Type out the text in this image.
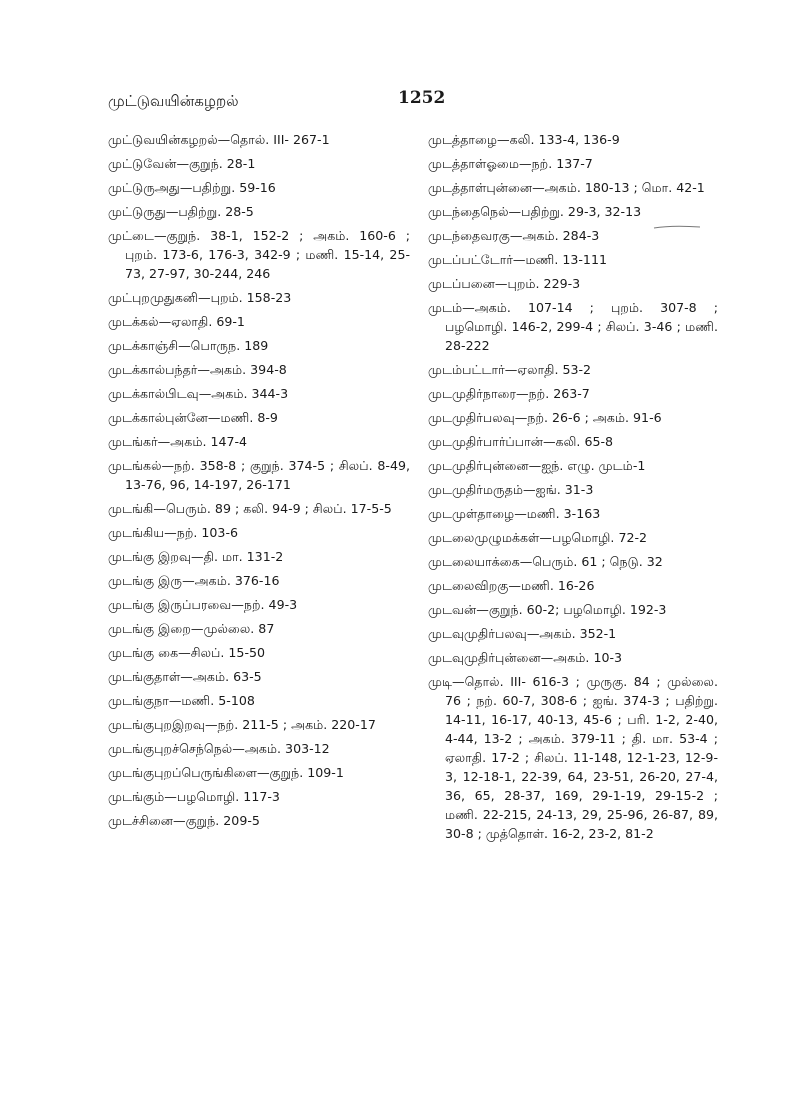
முட்டுவயின்கழறல்	1252
முட்டுவயின்கழறல்—தொல். III- 267-1
முட்டுவேன்—குறுந். 28-1
முட்டுருஅது—பதிற்று. 59-16
முட்டுருது—பதிற்று. 28-5
முட்டை—குறுந். 38-1, 152-2 ; அகம். 160-6 ; புறம். 173-6, 176-3, 342-9 ; மணி. 15-14, 25-73, 27-97, 30-244, 246
முட்புறமுதுகனி—புறம். 158-23
முடக்கல்—ஏலாதி. 69-1
முடக்காஞ்சி—பொருந. 189
முடக்கால்பந்தர்—அகம். 394-8
முடக்கால்பிடவு—அகம். 344-3
முடக்கால்புன்னே—மணி. 8-9
முடங்கர்—அகம். 147-4
முடங்கல்—நற். 358-8 ; குறுந். 374-5 ; சிலப். 8-49, 13-76, 96, 14-197, 26-171
முடங்கி—பெரும். 89 ; கலி. 94-9 ; சிலப். 17-5-5
முடங்கிய—நற். 103-6
முடங்கு இறவு—தி. மா. 131-2
முடங்கு இரு—அகம். 376-16
முடங்கு இருப்பரவை—நற். 49-3
முடங்கு இறை—முல்லை. 87
முடங்கு கை—சிலப். 15-50
முடங்குதாள்—அகம். 63-5
முடங்குநா—மணி. 5-108
முடங்குபுறஇறவு—நற். 211-5 ; அகம். 220-17
முடங்குபுறச்செந்நெல்—அகம். 303-12
முடங்குபுறப்பெருங்கிளை—குறுந். 109-1
முடங்கும்—பழமொழி. 117-3
முடச்சினை—குறுந். 209-5
முடத்தாழை—கலி. 133-4, 136-9
முடத்தாள்ஓமை—நற். 137-7
முடத்தாள்புன்னை—அகம். 180-13 ; மொ. 42-1
முடந்தைநெல்—பதிற்று. 29-3, 32-13
முடந்தைவரகு—அகம். 284-3
முடப்பட்டோர்—மணி. 13-111
முடப்பனை—புறம். 229-3
முடம்—அகம். 107-14 ; புறம். 307-8 ; பழமொழி. 146-2, 299-4 ; சிலப். 3-46 ; மணி. 28-222
முடம்பட்டார்—ஏலாதி. 53-2
முடமுதிர்நாரை—நற். 263-7
முடமுதிர்பலவு—நற். 26-6 ; அகம். 91-6
முடமுதிர்பார்ப்பான்—கலி. 65-8
முடமுதிர்புன்னை—ஐந். எழு. முடம்-1
முடமுதிர்மருதம்—ஐங். 31-3
முடமுள்தாழை—மணி. 3-163
முடலைமுழுமக்கள்—பழமொழி. 72-2
முடலையாக்கை—பெரும். 61 ; நெடு. 32
முடலைவிறகு—மணி. 16-26
முடவன்—குறுந். 60-2; பழமொழி. 192-3
முடவுமுதிர்பலவு—அகம். 352-1
முடவுமுதிர்புன்னை—அகம். 10-3
முடி—தொல். III- 616-3 ; முருகு. 84 ; முல்லை. 76 ; நற். 60-7, 308-6 ; ஐங். 374-3 ; பதிற்று. 14-11, 16-17, 40-13, 45-6 ; பரி. 1-2, 2-40, 4-44, 13-2 ; அகம். 379-11 ; தி. மா. 53-4 ; ஏலாதி. 17-2 ; சிலப். 11-148, 12-1-23, 12-9-3, 12-18-1, 22-39, 64, 23-51, 26-20, 27-4, 36, 65, 28-37, 169, 29-1-19, 29-15-2 ; மணி. 22-215, 24-13, 29, 25-96, 26-87, 89, 30-8 ; முத்தொள். 16-2, 23-2, 81-2
